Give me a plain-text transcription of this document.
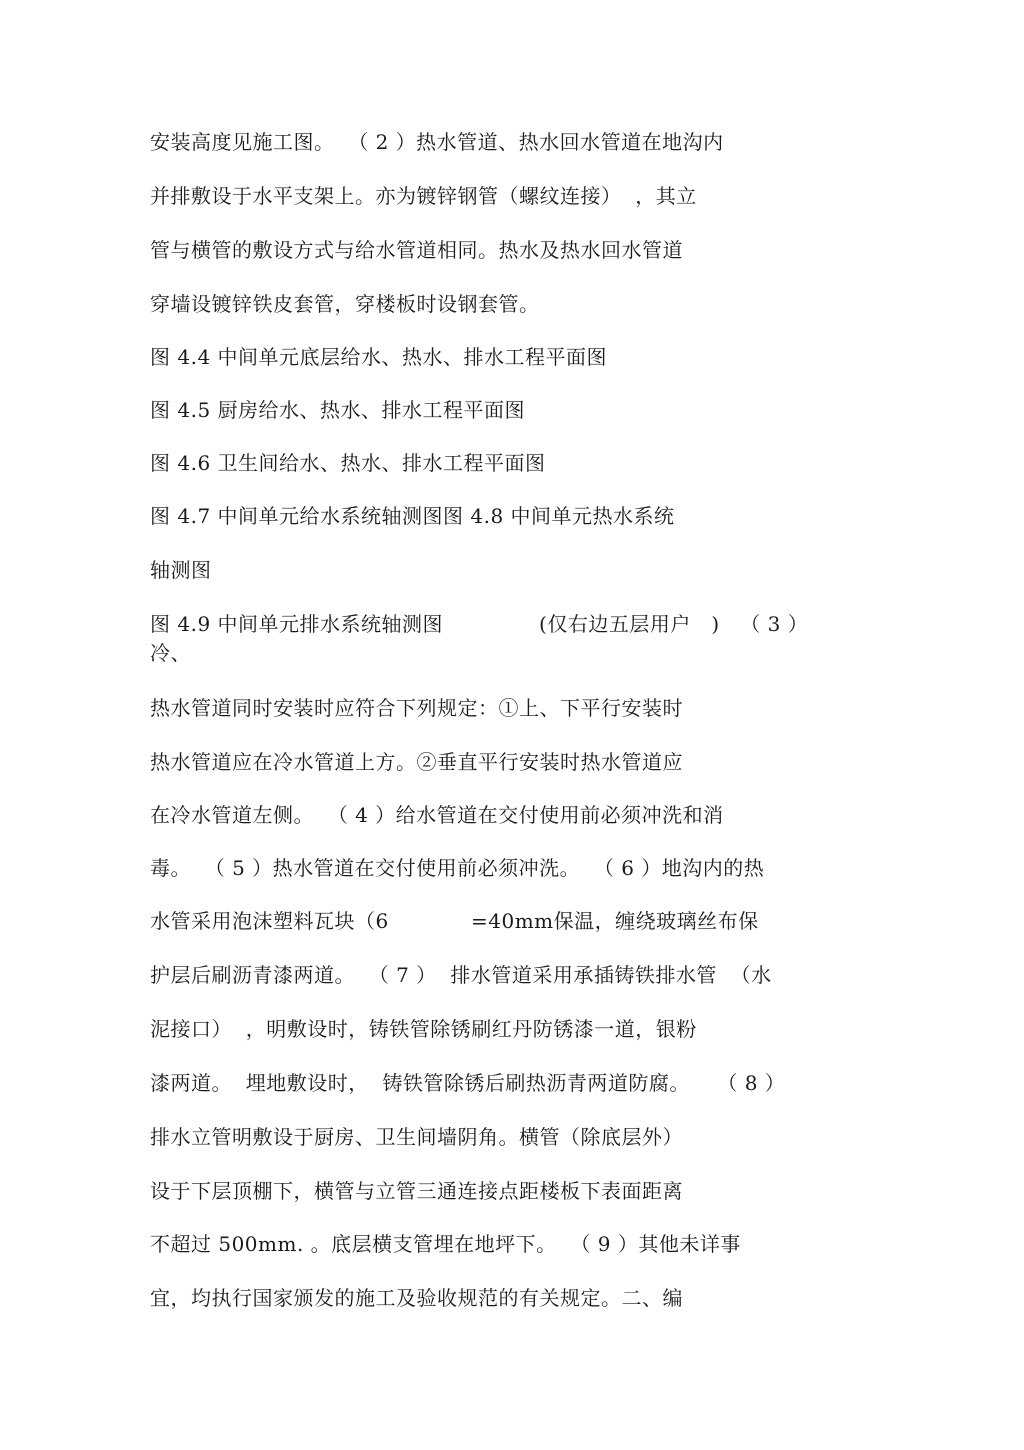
安装高度见施工图。  （ 2 ）热水管道、热水回水管道在地沟内
并排敷设于水平支架上。亦为镀锌钢管（螺纹连接）  ，其立
管与横管的敷设方式与给水管道相同。热水及热水回水管道
穿墙设镀锌铁皮套管，穿楼板时设钢套管。
图 4.4 中间单元底层给水、热水、排水工程平面图
图 4.5 厨房给水、热水、排水工程平面图
图 4.6 卫生间给水、热水、排水工程平面图
图 4.7 中间单元给水系统轴测图图 4.8 中间单元热水系统
轴测图
图 4.9 中间单元排水系统轴测图              (仅右边五层用户   )   （ 3 ）
冷、
热水管道同时安装时应符合下列规定：①上、下平行安装时
热水管道应在冷水管道上方。②垂直平行安装时热水管道应
在冷水管道左侧。  （ 4 ）给水管道在交付使用前必须冲洗和消
毒。  （ 5 ）热水管道在交付使用前必须冲洗。  （ 6 ）地沟内的热
水管采用泡沫塑料瓦块（6            =40mm保温，缠绕玻璃丝布保
护层后刷沥青漆两道。  （ 7 ）  排水管道采用承插铸铁排水管  （水
泥接口）  ，明敷设时，铸铁管除锈刷红丹防锈漆一道，银粉
漆两道。  埋地敷设时，  铸铁管除锈后刷热沥青两道防腐。    （ 8 ）
排水立管明敷设于厨房、卫生间墙阴角。横管（除底层外）
设于下层顶棚下，横管与立管三通连接点距楼板下表面距离
不超过 500mm. 。底层横支管埋在地坪下。  （ 9 ）其他未详事
宜，均执行国家颁发的施工及验收规范的有关规定。二、编
